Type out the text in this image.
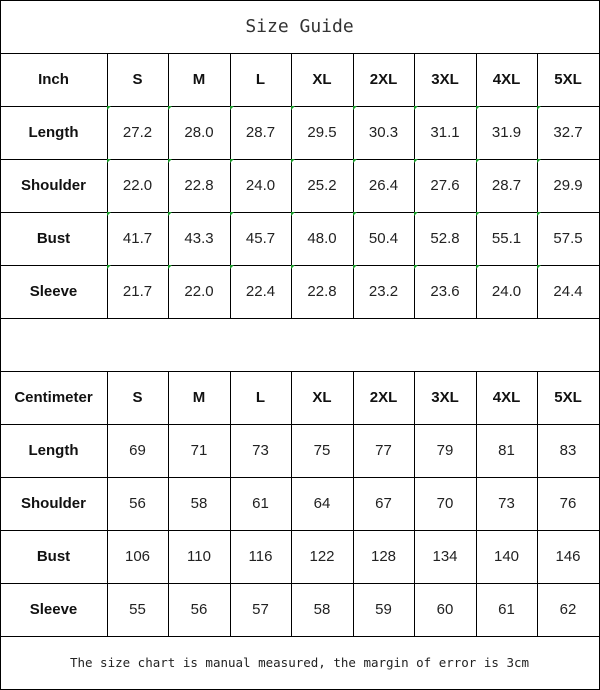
Size Guide
Inch	S	M	L	XL	2XL	3XL	4XL	5XL
Length	27.2	28.0	28.7	29.5	30.3	31.1	31.9	32.7
Shoulder	22.0	22.8	24.0	25.2	26.4	27.6	28.7	29.9
Bust	41.7	43.3	45.7	48.0	50.4	52.8	55.1	57.5
Sleeve	21.7	22.0	22.4	22.8	23.2	23.6	24.0	24.4
Centimeter	S	M	L	XL	2XL	3XL	4XL	5XL
Length	69	71	73	75	77	79	81	83
Shoulder	56	58	61	64	67	70	73	76
Bust	106	110	116	122	128	134	140	146
Sleeve	55	56	57	58	59	60	61	62
The size chart is manual measured, the margin of error is 3cm
